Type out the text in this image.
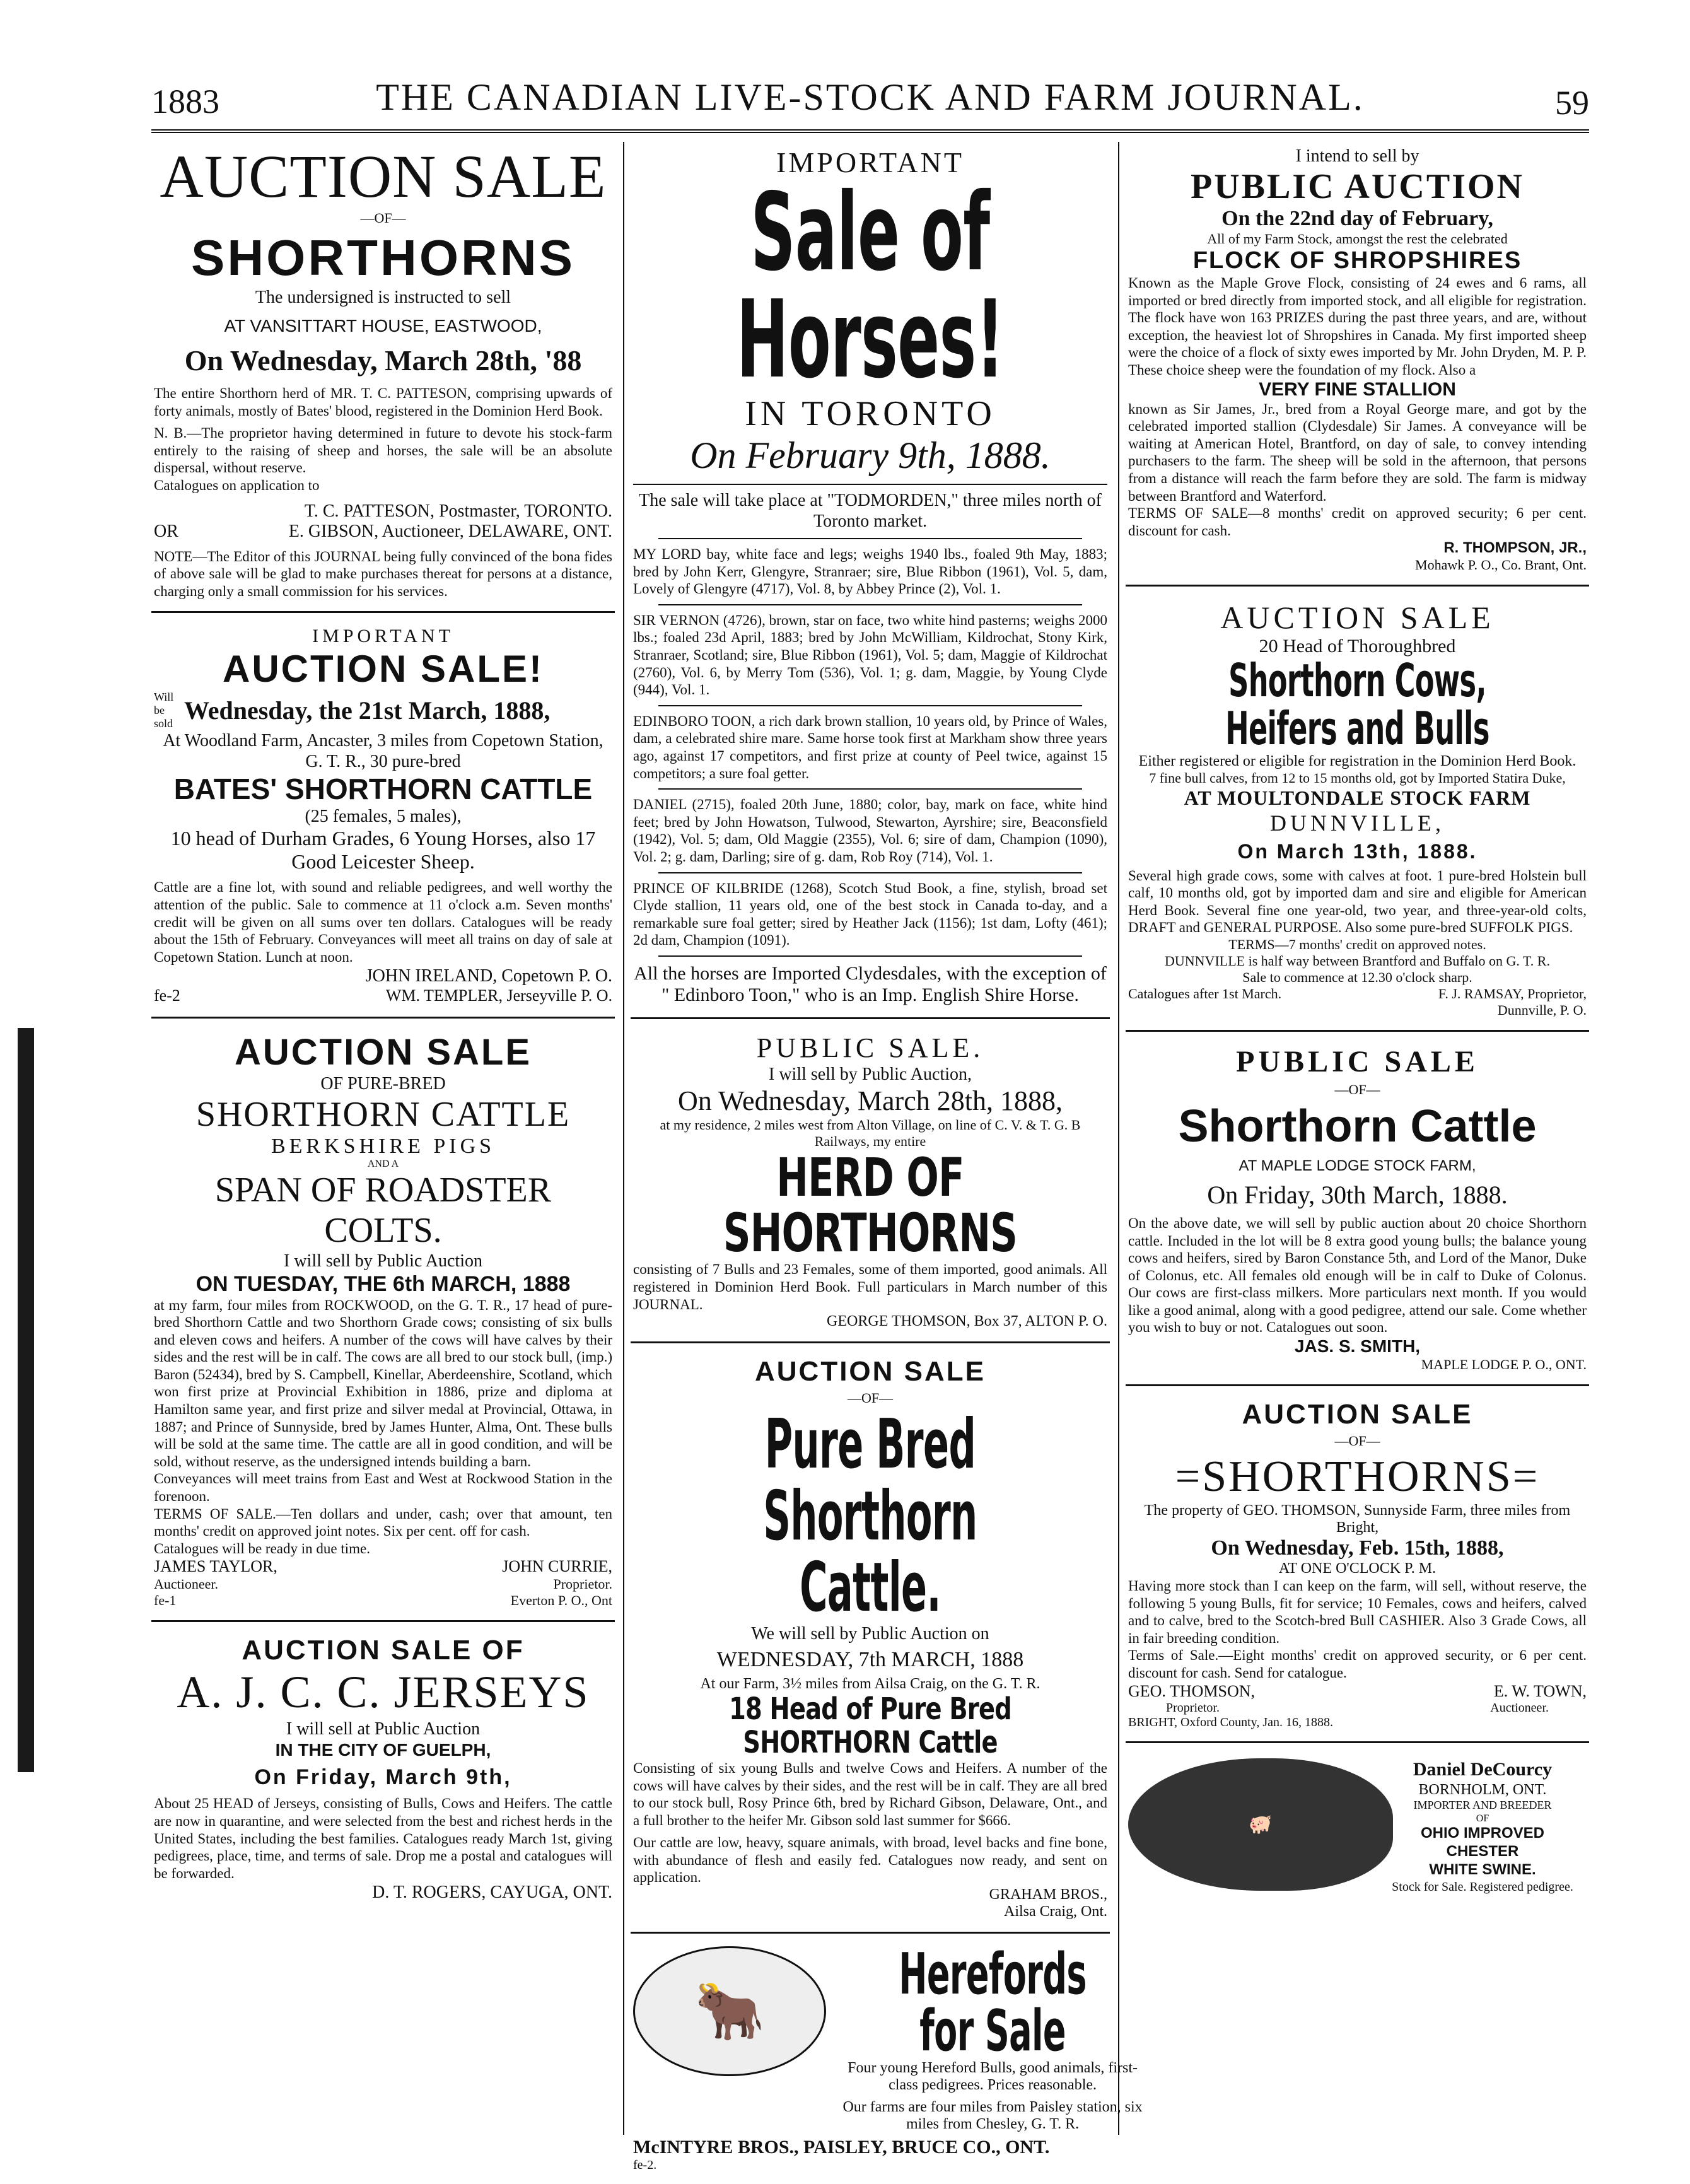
1883	THE CANADIAN LIVE-STOCK AND FARM JOURNAL.	59
AUCTION SALE
—OF—
SHORTHORNS
The undersigned is instructed to sell
AT VANSITTART HOUSE, EASTWOOD,
On Wednesday, March 28th, '88
The entire Shorthorn herd of MR. T. C. PATTESON, comprising upwards of forty animals, mostly of Bates' blood, registered in the Dominion Herd Book.
N. B.—The proprietor having determined in future to devote his stock-farm entirely to the raising of sheep and horses, the sale will be an absolute dispersal, without reserve.
Catalogues on application to
T. C. PATTESON, Postmaster, TORONTO.
OR	E. GIBSON, Auctioneer, DELAWARE, ONT.
NOTE—The Editor of this JOURNAL being fully convinced of the bona fides of above sale will be glad to make purchases thereat for persons at a distance, charging only a small commission for his services.
IMPORTANT
AUCTION SALE!
Will be sold Wednesday, the 21st March, 1888,
At Woodland Farm, Ancaster, 3 miles from Copetown Station, G. T. R., 30 pure-bred
BATES' SHORTHORN CATTLE
(25 females, 5 males),
10 head of Durham Grades, 6 Young Horses, also 17 Good Leicester Sheep.
Cattle are a fine lot, with sound and reliable pedigrees, and well worthy the attention of the public. Sale to commence at 11 o'clock a.m. Seven months' credit will be given on all sums over ten dollars. Catalogues will be ready about the 15th of February. Conveyances will meet all trains on day of sale at Copetown Station. Lunch at noon.
JOHN IRELAND, Copetown P. O.
fe-2	WM. TEMPLER, Jerseyville P. O.
AUCTION SALE
OF PURE-BRED
SHORTHORN CATTLE
BERKSHIRE PIGS
AND A
SPAN OF ROADSTER COLTS.
I will sell by Public Auction
ON TUESDAY, THE 6th MARCH, 1888
at my farm, four miles from ROCKWOOD, on the G. T. R., 17 head of pure-bred Shorthorn Cattle and two Shorthorn Grade cows; consisting of six bulls and eleven cows and heifers. A number of the cows will have calves by their sides and the rest will be in calf. The cows are all bred to our stock bull, (imp.) Baron (52434), bred by S. Campbell, Kinellar, Aberdeenshire, Scotland, which won first prize at Provincial Exhibition in 1886, prize and diploma at Hamilton same year, and first prize and silver medal at Provincial, Ottawa, in 1887; and Prince of Sunnyside, bred by James Hunter, Alma, Ont. These bulls will be sold at the same time. The cattle are all in good condition, and will be sold, without reserve, as the undersigned intends building a barn.
Conveyances will meet trains from East and West at Rockwood Station in the forenoon.
TERMS OF SALE.—Ten dollars and under, cash; over that amount, ten months' credit on approved joint notes. Six per cent. off for cash.
Catalogues will be ready in due time.
JAMES TAYLOR,	JOHN CURRIE,
Auctioneer.	Proprietor.
fe-1	Everton P. O., Ont
AUCTION SALE OF
A. J. C. C. JERSEYS
I will sell at Public Auction
IN THE CITY OF GUELPH,
On Friday, March 9th,
About 25 HEAD of Jerseys, consisting of Bulls, Cows and Heifers. The cattle are now in quarantine, and were selected from the best and richest herds in the United States, including the best families. Catalogues ready March 1st, giving pedigrees, place, time, and terms of sale. Drop me a postal and catalogues will be forwarded.
D. T. ROGERS, CAYUGA, ONT.
IMPORTANT
Sale of Horses!
IN TORONTO
On February 9th, 1888.
The sale will take place at "TODMORDEN," three miles north of Toronto market.
MY LORD bay, white face and legs; weighs 1940 lbs., foaled 9th May, 1883; bred by John Kerr, Glengyre, Stranraer; sire, Blue Ribbon (1961), Vol. 5, dam, Lovely of Glengyre (4717), Vol. 8, by Abbey Prince (2), Vol. 1.
SIR VERNON (4726), brown, star on face, two white hind pasterns; weighs 2000 lbs.; foaled 23d April, 1883; bred by John McWilliam, Kildrochat, Stony Kirk, Stranraer, Scotland; sire, Blue Ribbon (1961), Vol. 5; dam, Maggie of Kildrochat (2760), Vol. 6, by Merry Tom (536), Vol. 1; g. dam, Maggie, by Young Clyde (944), Vol. 1.
EDINBORO TOON, a rich dark brown stallion, 10 years old, by Prince of Wales, dam, a celebrated shire mare. Same horse took first at Markham show three years ago, against 17 competitors, and first prize at county of Peel twice, against 15 competitors; a sure foal getter.
DANIEL (2715), foaled 20th June, 1880; color, bay, mark on face, white hind feet; bred by John Howatson, Tulwood, Stewarton, Ayrshire; sire, Beaconsfield (1942), Vol. 5; dam, Old Maggie (2355), Vol. 6; sire of dam, Champion (1090), Vol. 2; g. dam, Darling; sire of g. dam, Rob Roy (714), Vol. 1.
PRINCE OF KILBRIDE (1268), Scotch Stud Book, a fine, stylish, broad set Clyde stallion, 11 years old, one of the best stock in Canada to-day, and a remarkable sure foal getter; sired by Heather Jack (1156); 1st dam, Lofty (461); 2d dam, Champion (1091).
All the horses are Imported Clydesdales, with the exception of " Edinboro Toon," who is an Imp. English Shire Horse.
PUBLIC SALE.
I will sell by Public Auction,
On Wednesday, March 28th, 1888,
at my residence, 2 miles west from Alton Village, on line of C. V. & T. G. B Railways, my entire
HERD OF SHORTHORNS
consisting of 7 Bulls and 23 Females, some of them imported, good animals. All registered in Dominion Herd Book. Full particulars in March number of this JOURNAL.
GEORGE THOMSON, Box 37, ALTON P. O.
AUCTION SALE
—OF—
Pure Bred Shorthorn Cattle.
We will sell by Public Auction on
WEDNESDAY, 7th MARCH, 1888
At our Farm, 3½ miles from Ailsa Craig, on the G. T. R.
18 Head of Pure Bred SHORTHORN Cattle
Consisting of six young Bulls and twelve Cows and Heifers. A number of the cows will have calves by their sides, and the rest will be in calf. They are all bred to our stock bull, Rosy Prince 6th, bred by Richard Gibson, Delaware, Ont., and a full brother to the heifer Mr. Gibson sold last summer for $666.
Our cattle are low, heavy, square animals, with broad, level backs and fine bone, with abundance of flesh and easily fed. Catalogues now ready, and sent on application.
GRAHAM BROS.,
Ailsa Craig, Ont.
🐂
Herefords for Sale
Four young Hereford Bulls, good animals, first-class pedigrees. Prices reasonable.
Our farms are four miles from Paisley station, six miles from Chesley, G. T. R.
McINTYRE BROS., PAISLEY, BRUCE CO., ONT.
fe-2.
I intend to sell by
PUBLIC AUCTION
On the 22nd day of February,
All of my Farm Stock, amongst the rest the celebrated
FLOCK OF SHROPSHIRES
Known as the Maple Grove Flock, consisting of 24 ewes and 6 rams, all imported or bred directly from imported stock, and all eligible for registration. The flock have won 163 PRIZES during the past three years, and are, without exception, the heaviest lot of Shropshires in Canada. My first imported sheep were the choice of a flock of sixty ewes imported by Mr. John Dryden, M. P. P. These choice sheep were the foundation of my flock. Also a
VERY FINE STALLION
known as Sir James, Jr., bred from a Royal George mare, and got by the celebrated imported stallion (Clydesdale) Sir James. A conveyance will be waiting at American Hotel, Brantford, on day of sale, to convey intending purchasers to the farm. The sheep will be sold in the afternoon, that persons from a distance will reach the farm before they are sold. The farm is midway between Brantford and Waterford.
TERMS OF SALE—8 months' credit on approved security; 6 per cent. discount for cash.
R. THOMPSON, JR.,
Mohawk P. O., Co. Brant, Ont.
AUCTION SALE
20 Head of Thoroughbred
Shorthorn Cows, Heifers and Bulls
Either registered or eligible for registration in the Dominion Herd Book.
7 fine bull calves, from 12 to 15 months old, got by Imported Statira Duke,
AT MOULTONDALE STOCK FARM
DUNNVILLE,
On March 13th, 1888.
Several high grade cows, some with calves at foot. 1 pure-bred Holstein bull calf, 10 months old, got by imported dam and sire and eligible for American Herd Book. Several fine one year-old, two year, and three-year-old colts, DRAFT and GENERAL PURPOSE. Also some pure-bred SUFFOLK PIGS.
TERMS—7 months' credit on approved notes.
DUNNVILLE is half way between Brantford and Buffalo on G. T. R.
Sale to commence at 12.30 o'clock sharp.
Catalogues after 1st March.	F. J. RAMSAY, Proprietor,
Dunnville, P. O.
PUBLIC SALE
—OF—
Shorthorn Cattle
AT MAPLE LODGE STOCK FARM,
On Friday, 30th March, 1888.
On the above date, we will sell by public auction about 20 choice Shorthorn cattle. Included in the lot will be 8 extra good young bulls; the balance young cows and heifers, sired by Baron Constance 5th, and Lord of the Manor, Duke of Colonus, etc. All females old enough will be in calf to Duke of Colonus. Our cows are first-class milkers. More particulars next month. If you would like a good animal, along with a good pedigree, attend our sale. Come whether you wish to buy or not. Catalogues out soon.
JAS. S. SMITH,
MAPLE LODGE P. O., ONT.
AUCTION SALE
—OF—
=SHORTHORNS=
The property of GEO. THOMSON, Sunnyside Farm, three miles from Bright,
On Wednesday, Feb. 15th, 1888,
AT ONE O'CLOCK P. M.
Having more stock than I can keep on the farm, will sell, without reserve, the following 5 young Bulls, fit for service; 10 Females, cows and heifers, calved and to calve, bred to the Scotch-bred Bull CASHIER. Also 3 Grade Cows, all in fair breeding condition.
Terms of Sale.—Eight months' credit on approved security, or 6 per cent. discount for cash. Send for catalogue.
GEO. THOMSON,	E. W. TOWN,
Proprietor.	Auctioneer.
BRIGHT, Oxford County, Jan. 16, 1888.
🐖
Daniel DeCourcy
BORNHOLM, ONT.
IMPORTER AND BREEDER
OF
OHIO IMPROVED
CHESTER
WHITE SWINE.
Stock for Sale. Registered pedigree.
